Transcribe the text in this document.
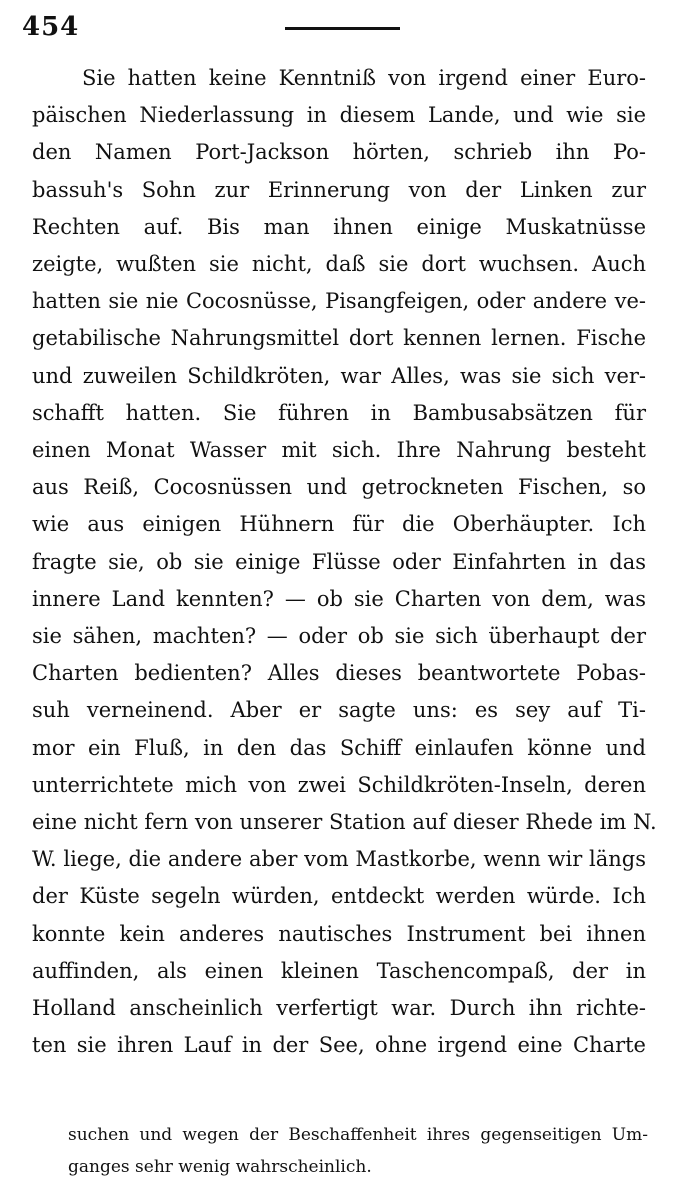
454
Sie hatten keine Kenntniß von irgend einer Euro-
päischen Niederlassung in diesem Lande, und wie sie
den Namen Port-Jackson hörten, schrieb ihn Po-
bassuh's Sohn zur Erinnerung von der Linken zur
Rechten auf. Bis man ihnen einige Muskatnüsse
zeigte, wußten sie nicht, daß sie dort wuchsen. Auch
hatten sie nie Cocosnüsse, Pisangfeigen, oder andere ve-
getabilische Nahrungsmittel dort kennen lernen. Fische
und zuweilen Schildkröten, war Alles, was sie sich ver-
schafft hatten. Sie führen in Bambusabsätzen für
einen Monat Wasser mit sich. Ihre Nahrung besteht
aus Reiß, Cocosnüssen und getrockneten Fischen, so
wie aus einigen Hühnern für die Oberhäupter. Ich
fragte sie, ob sie einige Flüsse oder Einfahrten in das
innere Land kennten? — ob sie Charten von dem, was
sie sähen, machten? — oder ob sie sich überhaupt der
Charten bedienten? Alles dieses beantwortete Pobas-
suh verneinend. Aber er sagte uns: es sey auf Ti-
mor ein Fluß, in den das Schiff einlaufen könne und
unterrichtete mich von zwei Schildkröten-Inseln, deren
eine nicht fern von unserer Station auf dieser Rhede im N.
W. liege, die andere aber vom Mastkorbe, wenn wir längs
der Küste segeln würden, entdeckt werden würde. Ich
konnte kein anderes nautisches Instrument bei ihnen
auffinden, als einen kleinen Taschencompaß, der in
Holland anscheinlich verfertigt war. Durch ihn richte-
ten sie ihren Lauf in der See, ohne irgend eine Charte
suchen und wegen der Beschaffenheit ihres gegenseitigen Um-
ganges sehr wenig wahrscheinlich.
